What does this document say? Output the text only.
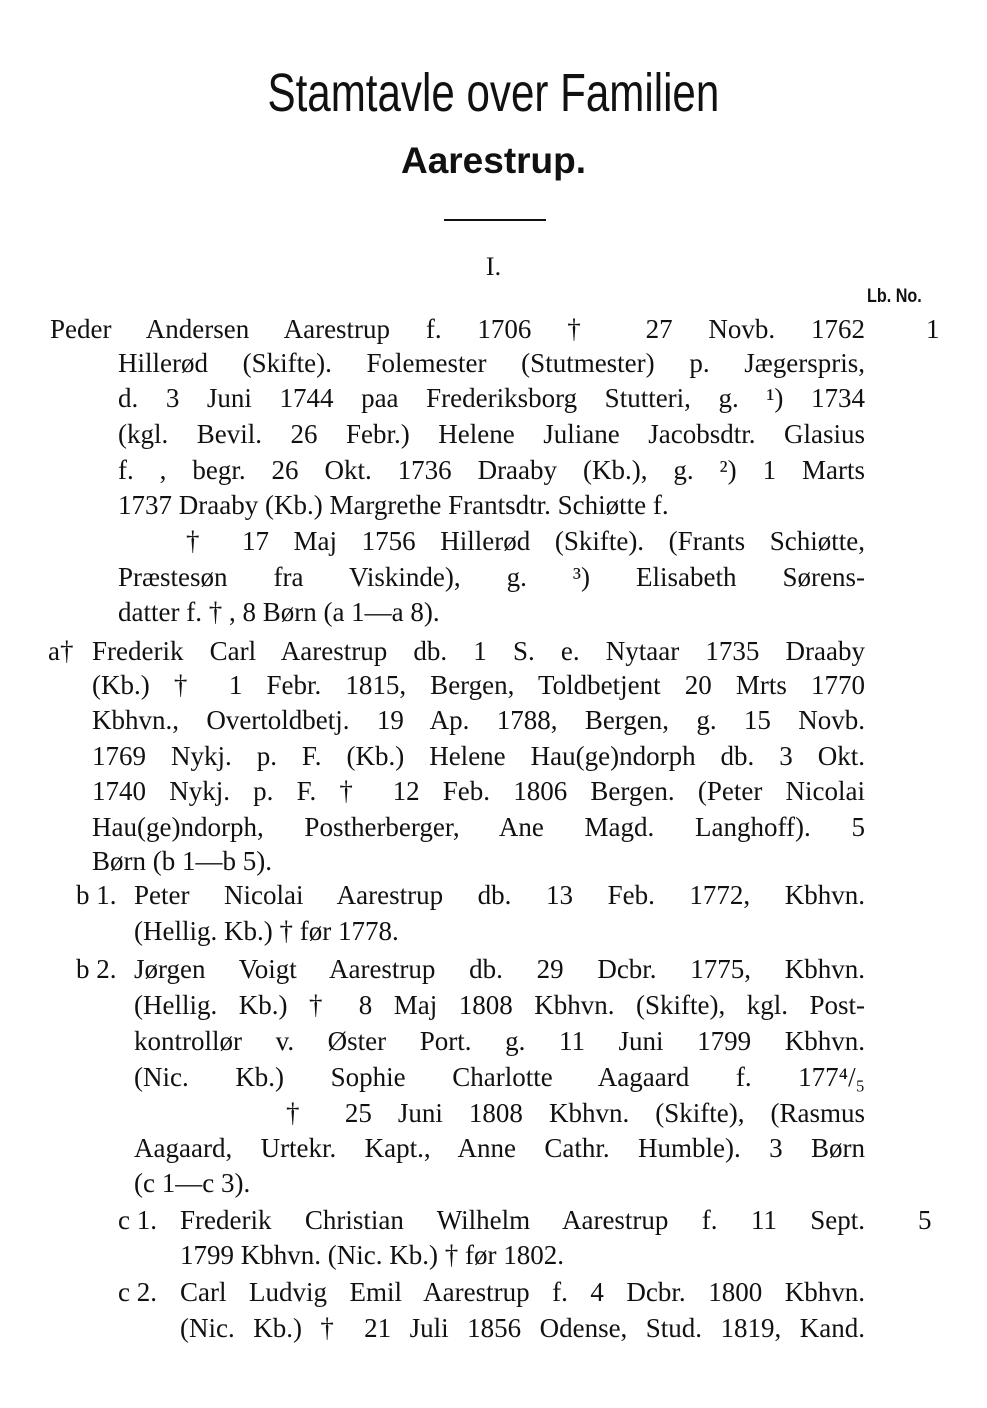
Stamtavle over Familien
Aarestrup.
I.
Lb. No.
1
5
a†
b 1.
b 2.
c 1.
c 2.
Peder Andersen Aarestrup f. 1706 † 27 Novb. 1762
Hillerød (Skifte). Folemester (Stutmester) p. Jægerspris,
d. 3 Juni 1744 paa Frederiksborg Stutteri, g. ¹) 1734
(kgl. Bevil. 26 Febr.) Helene Juliane Jacobsdtr. Glasius
f. , begr. 26 Okt. 1736 Draaby (Kb.), g. ²) 1 Marts
1737 Draaby (Kb.) Margrethe Frantsdtr. Schiøtte f.
† 17 Maj 1756 Hillerød (Skifte). (Frants Schiøtte,
Præstesøn fra Viskinde), g. ³) Elisabeth Sørens-
datter f. † , 8 Børn (a 1—a 8).
Frederik Carl Aarestrup db. 1 S. e. Nytaar 1735 Draaby
(Kb.) † 1 Febr. 1815, Bergen, Toldbetjent 20 Mrts 1770
Kbhvn., Overtoldbetj. 19 Ap. 1788, Bergen, g. 15 Novb.
1769 Nykj. p. F. (Kb.) Helene Hau(ge)ndorph db. 3 Okt.
1740 Nykj. p. F. † 12 Feb. 1806 Bergen. (Peter Nicolai
Hau(ge)ndorph, Postherberger, Ane Magd. Langhoff). 5
Børn (b 1—b 5).
Peter Nicolai Aarestrup db. 13 Feb. 1772, Kbhvn.
(Hellig. Kb.) † før 1778.
Jørgen Voigt Aarestrup db. 29 Dcbr. 1775, Kbhvn.
(Hellig. Kb.) † 8 Maj 1808 Kbhvn. (Skifte), kgl. Post-
kontrollør v. Øster Port. g. 11 Juni 1799 Kbhvn.
(Nic. Kb.) Sophie Charlotte Aagaard f. 177⁴/₅
† 25 Juni 1808 Kbhvn. (Skifte), (Rasmus
Aagaard, Urtekr. Kapt., Anne Cathr. Humble). 3 Børn
(c 1—c 3).
Frederik Christian Wilhelm Aarestrup f. 11 Sept.
1799 Kbhvn. (Nic. Kb.) † før 1802.
Carl Ludvig Emil Aarestrup f. 4 Dcbr. 1800 Kbhvn.
(Nic. Kb.) † 21 Juli 1856 Odense, Stud. 1819, Kand.
